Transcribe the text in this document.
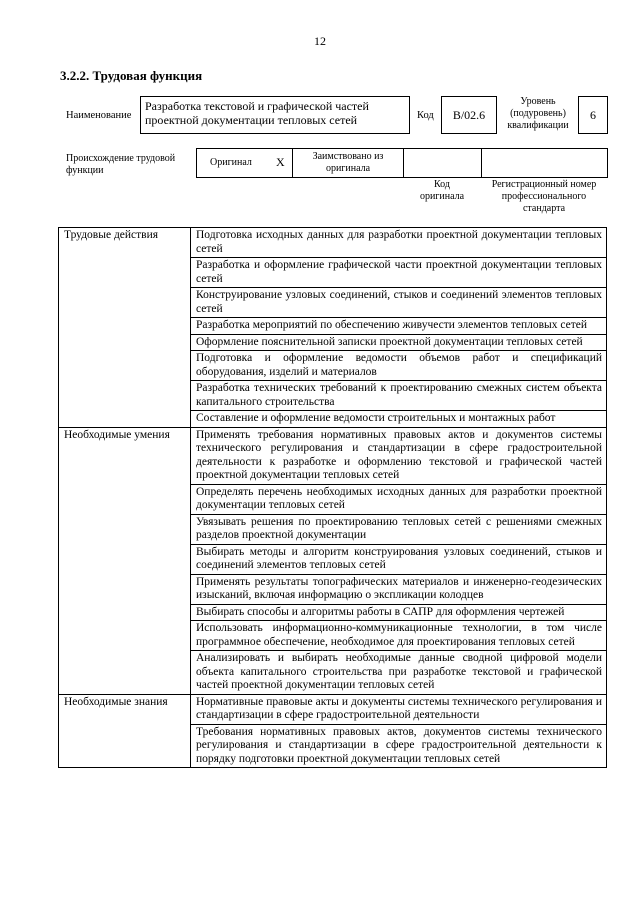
12
3.2.2. Трудовая функция
Наименование
Разработка текстовой и графической частей проектной документации тепловых сетей	Код	B/02.6
Уровень (подуровень) квалификации
6
Происхождение трудовой функции
Оригинал X	Заимствовано из оригинала
Код оригинала
Регистрационный номер профессионального стандарта
Трудовые действия	Подготовка исходных данных для разработки проектной документации тепловых сетей
	Разработка и оформление графической части проектной документации тепловых сетей
	Конструирование узловых соединений, стыков и соединений элементов тепловых сетей
	Разработка мероприятий по обеспечению живучести элементов тепловых сетей
	Оформление пояснительной записки проектной документации тепловых сетей
	Подготовка и оформление ведомости объемов работ и спецификаций оборудования, изделий и материалов
	Разработка технических требований к проектированию смежных систем объекта капитального строительства
	Составление и оформление ведомости строительных и монтажных работ
Необходимые умения	Применять требования нормативных правовых актов и документов системы технического регулирования и стандартизации в сфере градостроительной деятельности к разработке и оформлению текстовой и графической частей проектной документации тепловых сетей
	Определять перечень необходимых исходных данных для разработки проектной документации тепловых сетей
	Увязывать решения по проектированию тепловых сетей с решениями смежных разделов проектной документации
	Выбирать методы и алгоритм конструирования узловых соединений, стыков и соединений элементов тепловых сетей
	Применять результаты топографических материалов и инженерно-геодезических изысканий, включая информацию о экспликации колодцев
	Выбирать способы и алгоритмы работы в САПР для оформления чертежей
	Использовать информационно-коммуникационные технологии, в том числе программное обеспечение, необходимое для проектирования тепловых сетей
	Анализировать и выбирать необходимые данные сводной цифровой модели объекта капитального строительства при разработке текстовой и графической частей проектной документации тепловых сетей
Необходимые знания	Нормативные правовые акты и документы системы технического регулирования и стандартизации в сфере градостроительной деятельности
	Требования нормативных правовых актов, документов системы технического регулирования и стандартизации в сфере градостроительной деятельности к порядку подготовки проектной документации тепловых сетей
